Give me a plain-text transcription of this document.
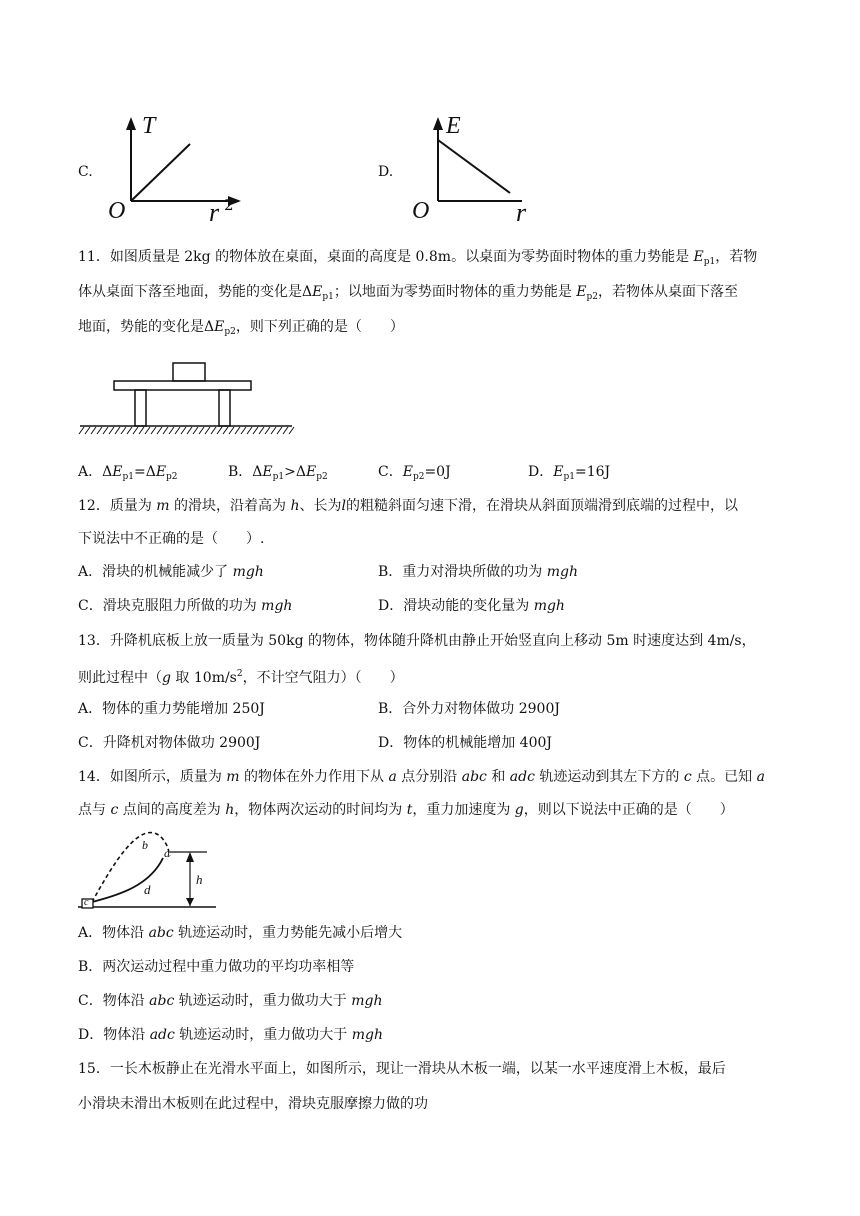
C.
T
O	r 2
D.
E
O	r
11．如图质量是 2kg 的物体放在桌面，桌面的高度是 0.8m。以桌面为零势面时物体的重力势能是 $E_{p1}$，若物
体从桌面下落至地面，势能的变化是$\Delta E_{p1}$；以地面为零势面时物体的重力势能是 $E_{p2}$，若物体从桌面下落至
地面，势能的变化是$\Delta E_{p2}$，则下列正确的是（　　）
A．$\Delta E_{p1}=\Delta E_{p2}$	B．$\Delta E_{p1}>\Delta E_{p2}$	C．$E_{p2}=0J$	D．$E_{p1}=16J$
12．质量为 m 的滑块，沿着高为 h、长为l的粗糙斜面匀速下滑，在滑块从斜面顶端滑到底端的过程中，以
下说法中不正确的是（　　）.
A．滑块的机械能减少了 mgh	B．重力对滑块所做的功为 mgh
C．滑块克服阻力所做的功为 mgh	D．滑块动能的变化量为 mgh
13．升降机底板上放一质量为 50kg 的物体，物体随升降机由静止开始竖直向上移动 5m 时速度达到 4m/s，
则此过程中（g 取 $10m/s^2$，不计空气阻力）（　　）
A．物体的重力势能增加 250J	B．合外力对物体做功 2900J
C．升降机对物体做功 2900J	D．物体的机械能增加 400J
14．如图所示，质量为 m 的物体在外力作用下从 a 点分别沿 abc 和 adc 轨迹运动到其左下方的 c 点。已知 a
点与 c 点间的高度差为 h，物体两次运动的时间均为 t，重力加速度为 g，则以下说法中正确的是（　　）
b
a
d
h
c
A．物体沿 abc 轨迹运动时，重力势能先减小后增大
B．两次运动过程中重力做功的平均功率相等
C．物体沿 abc 轨迹运动时，重力做功大于 mgh
D．物体沿 adc 轨迹运动时，重力做功大于 mgh
15．一长木板静止在光滑水平面上，如图所示，现让一滑块从木板一端，以某一水平速度滑上木板，最后
小滑块未滑出木板则在此过程中，滑块克服摩擦力做的功
